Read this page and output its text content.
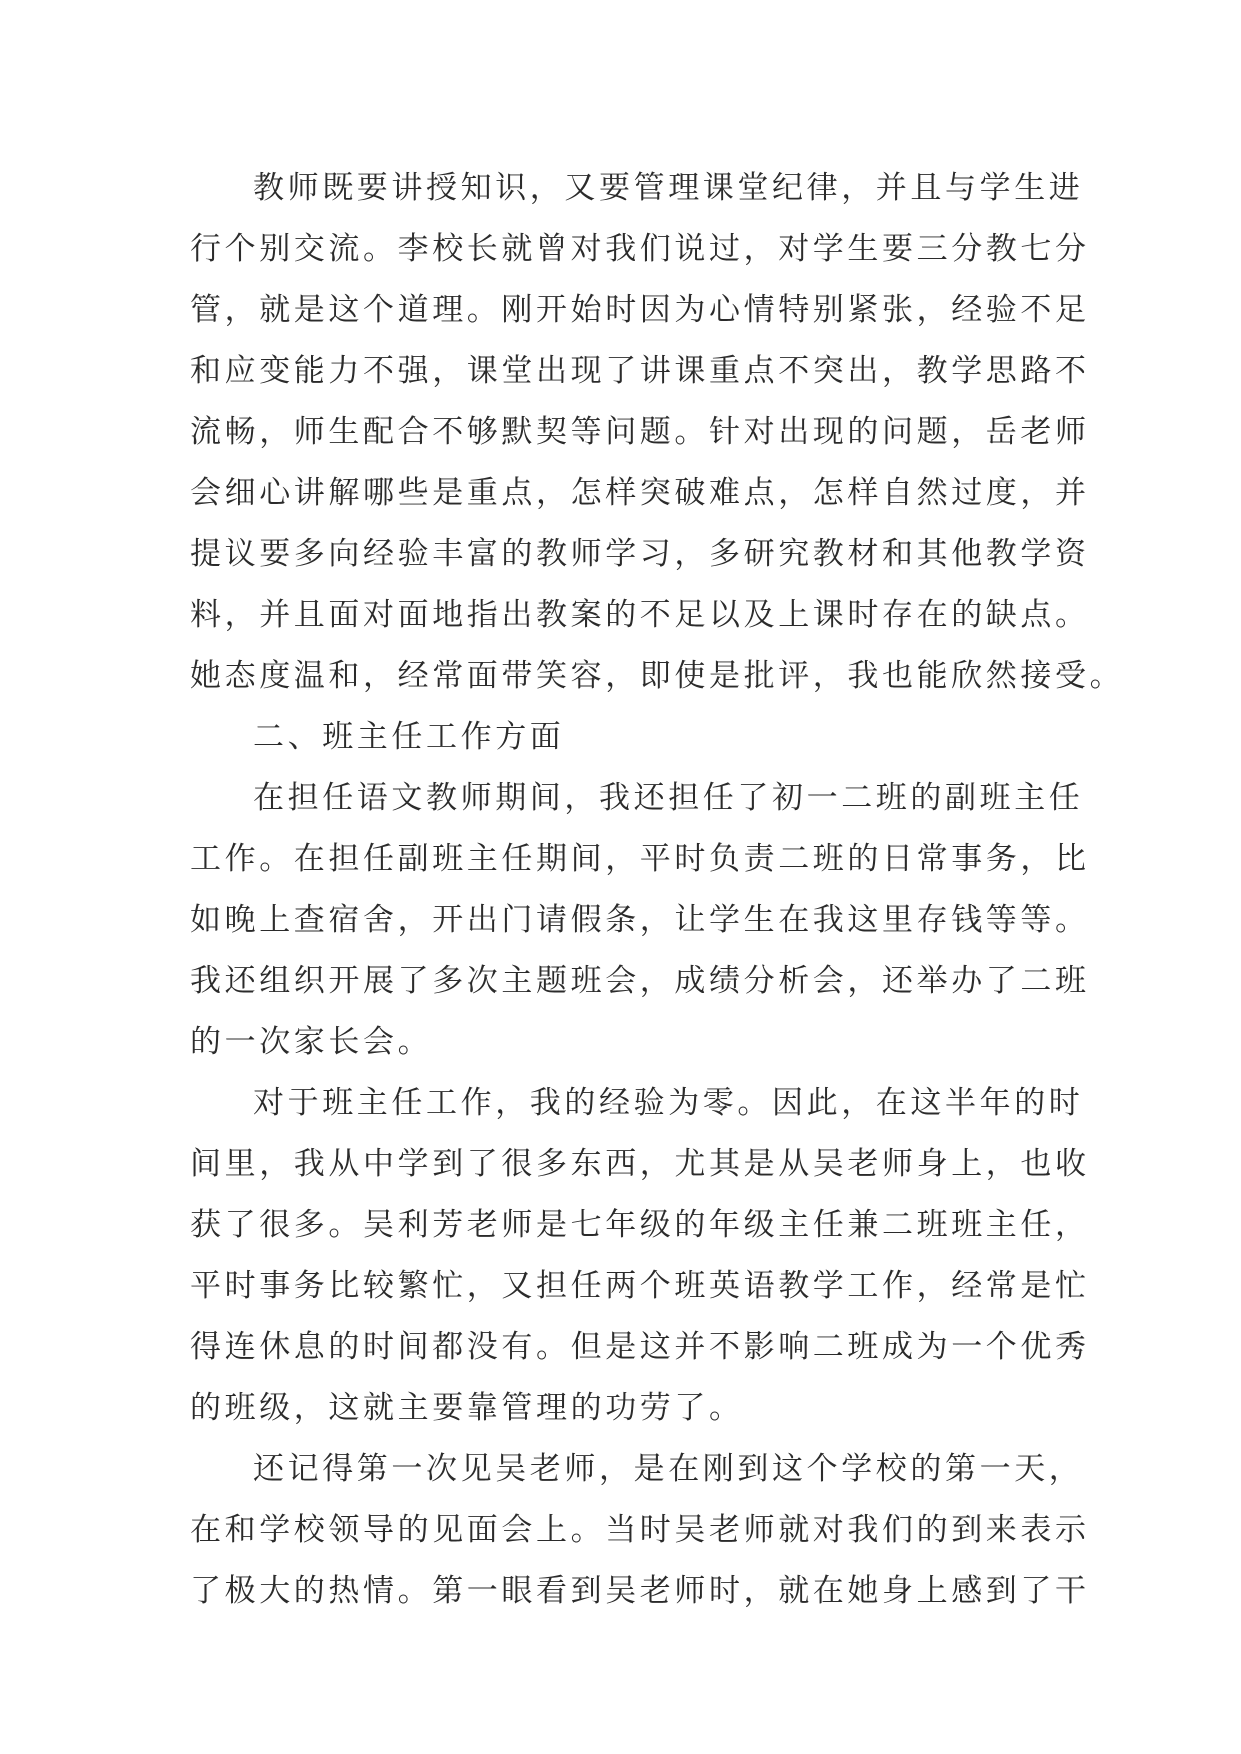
教师既要讲授知识，又要管理课堂纪律，并且与学生进
行个别交流。李校长就曾对我们说过，对学生要三分教七分
管，就是这个道理。刚开始时因为心情特别紧张，经验不足
和应变能力不强，课堂出现了讲课重点不突出，教学思路不
流畅，师生配合不够默契等问题。针对出现的问题，岳老师
会细心讲解哪些是重点，怎样突破难点，怎样自然过度，并
提议要多向经验丰富的教师学习，多研究教材和其他教学资
料，并且面对面地指出教案的不足以及上课时存在的缺点。
她态度温和，经常面带笑容，即使是批评，我也能欣然接受。
二、班主任工作方面
在担任语文教师期间，我还担任了初一二班的副班主任
工作。在担任副班主任期间，平时负责二班的日常事务，比
如晚上查宿舍，开出门请假条，让学生在我这里存钱等等。
我还组织开展了多次主题班会，成绩分析会，还举办了二班
的一次家长会。
对于班主任工作，我的经验为零。因此，在这半年的时
间里，我从中学到了很多东西，尤其是从吴老师身上，也收
获了很多。吴利芳老师是七年级的年级主任兼二班班主任，
平时事务比较繁忙，又担任两个班英语教学工作，经常是忙
得连休息的时间都没有。但是这并不影响二班成为一个优秀
的班级，这就主要靠管理的功劳了。
还记得第一次见吴老师，是在刚到这个学校的第一天，
在和学校领导的见面会上。当时吴老师就对我们的到来表示
了极大的热情。第一眼看到吴老师时，就在她身上感到了干
